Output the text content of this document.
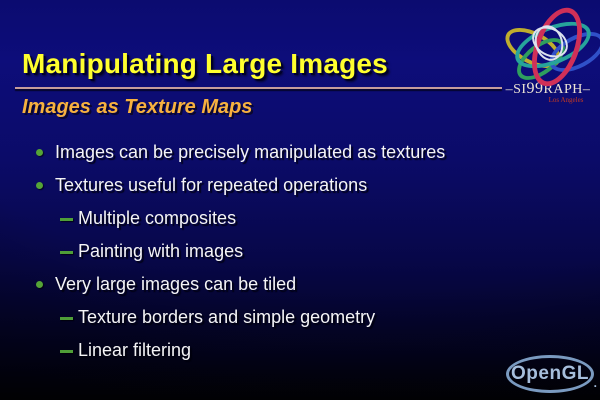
Manipulating Large Images
Images as Texture Maps
Images can be precisely manipulated as textures
Textures useful for repeated operations
Multiple composites
Painting with images
Very large images can be tiled
Texture borders and simple geometry
Linear filtering
–SI99RAPH–
Los Angeles
OpenGL .
